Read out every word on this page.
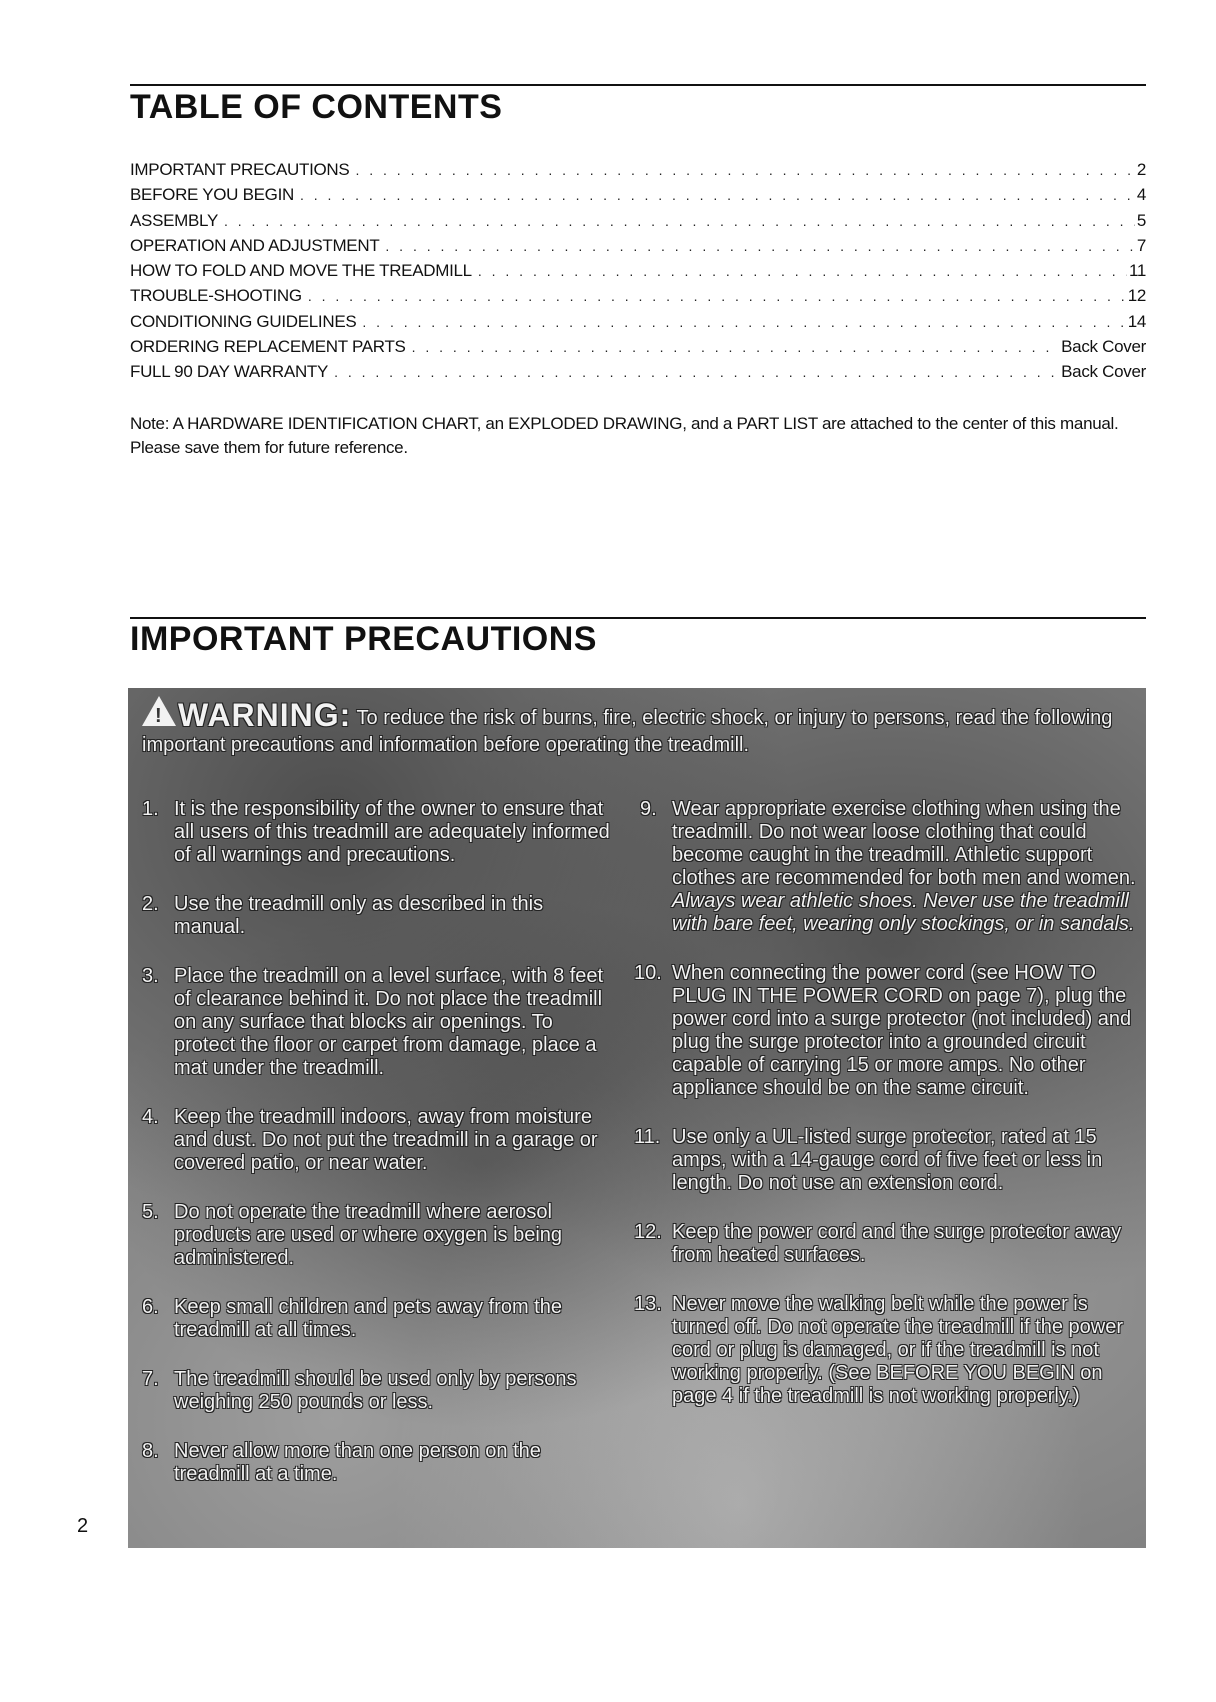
TABLE OF CONTENTS
IMPORTANT PRECAUTIONS . . .	2
BEFORE YOU BEGIN . . .	4
ASSEMBLY . . .	5
OPERATION AND ADJUSTMENT . . .	7
HOW TO FOLD AND MOVE THE TREADMILL . . .	11
TROUBLE-SHOOTING . . .	12
CONDITIONING GUIDELINES . . .	14
ORDERING REPLACEMENT PARTS . . .	Back Cover
FULL 90 DAY WARRANTY . . .	Back Cover

Note: A HARDWARE IDENTIFICATION CHART, an EXPLODED DRAWING, and a PART LIST are attached to the center of this manual. Please save them for future reference.

IMPORTANT PRECAUTIONS
!WARNING: To reduce the risk of burns, fire, electric shock, or injury to persons, read the following important precautions and information before operating the treadmill.
1. It is the responsibility of the owner to ensure that all users of this treadmill are adequately informed of all warnings and precautions.
2. Use the treadmill only as described in this manual.
3. Place the treadmill on a level surface, with 8 feet of clearance behind it. Do not place the treadmill on any surface that blocks air openings. To protect the floor or carpet from damage, place a mat under the treadmill.
4. Keep the treadmill indoors, away from moisture and dust. Do not put the treadmill in a garage or covered patio, or near water.
5. Do not operate the treadmill where aerosol products are used or where oxygen is being administered.
6. Keep small children and pets away from the treadmill at all times.
7. The treadmill should be used only by persons weighing 250 pounds or less.
8. Never allow more than one person on the treadmill at a time.
9. Wear appropriate exercise clothing when using the treadmill. Do not wear loose clothing that could become caught in the treadmill. Athletic support clothes are recommended for both men and women. Always wear athletic shoes. Never use the treadmill with bare feet, wearing only stockings, or in sandals.
10. When connecting the power cord (see HOW TO PLUG IN THE POWER CORD on page 7), plug the power cord into a surge protector (not included) and plug the surge protector into a grounded circuit capable of carrying 15 or more amps. No other appliance should be on the same circuit.
11. Use only a UL-listed surge protector, rated at 15 amps, with a 14-gauge cord of five feet or less in length. Do not use an extension cord.
12. Keep the power cord and the surge protector away from heated surfaces.
13. Never move the walking belt while the power is turned off. Do not operate the treadmill if the power cord or plug is damaged, or if the treadmill is not working properly. (See BEFORE YOU BEGIN on page 4 if the treadmill is not working properly.)
2
